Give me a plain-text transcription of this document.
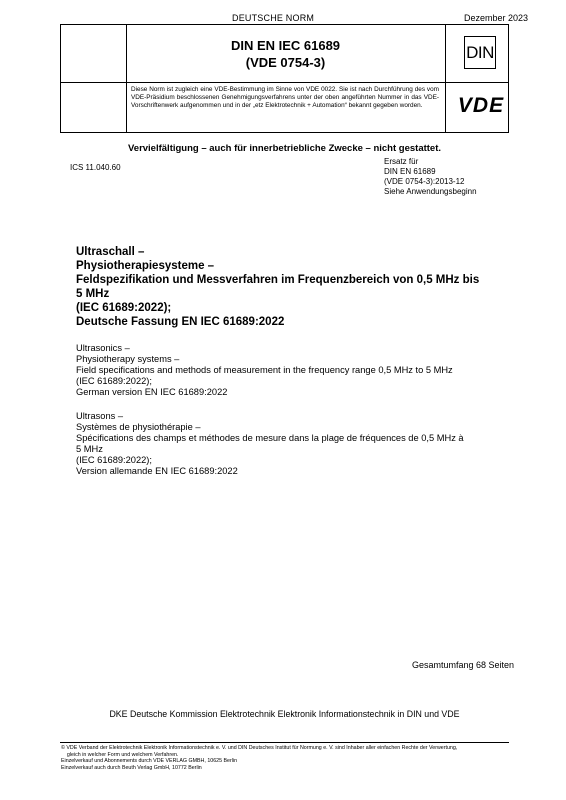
DEUTSCHE NORM	Dezember 2023
DIN EN IEC 61689
(VDE 0754-3)
Diese Norm ist zugleich eine VDE-Bestimmung im Sinne von VDE 0022. Sie ist nach Durchführung des vom VDE-Präsidium beschlossenen Genehmigungsverfahrens unter der oben angeführten Nummer in das VDE-Vorschriftenwerk aufgenommen und in der „etz Elektrotechnik + Automation“ bekannt gegeben worden.
DIN
VDE
Vervielfältigung – auch für innerbetriebliche Zwecke – nicht gestattet.
ICS 11.040.60
Ersatz für
DIN EN 61689
(VDE 0754-3):2013-12
Siehe Anwendungsbeginn
Ultraschall –
Physiotherapiesysteme –
Feldspezifikation und Messverfahren im Frequenzbereich von 0,5 MHz bis
5 MHz
(IEC 61689:2022);
Deutsche Fassung EN IEC 61689:2022
Ultrasonics –
Physiotherapy systems –
Field specifications and methods of measurement in the frequency range 0,5 MHz to 5 MHz
(IEC 61689:2022);
German version EN IEC 61689:2022
Ultrasons –
Systèmes de physiothérapie –
Spécifications des champs et méthodes de mesure dans la plage de fréquences de 0,5 MHz à
5 MHz
(IEC 61689:2022);
Version allemande EN IEC 61689:2022
Gesamtumfang 68 Seiten
DKE Deutsche Kommission Elektrotechnik Elektronik Informationstechnik in DIN und VDE
© VDE Verband der Elektrotechnik Elektronik Informationstechnik e. V. und DIN Deutsches Institut für Normung e. V. sind Inhaber aller einfachen Rechte der Verwertung,
gleich in welcher Form und welchem Verfahren.
Einzelverkauf und Abonnements durch VDE VERLAG GMBH, 10625 Berlin
Einzelverkauf auch durch Beuth Verlag GmbH, 10772 Berlin
